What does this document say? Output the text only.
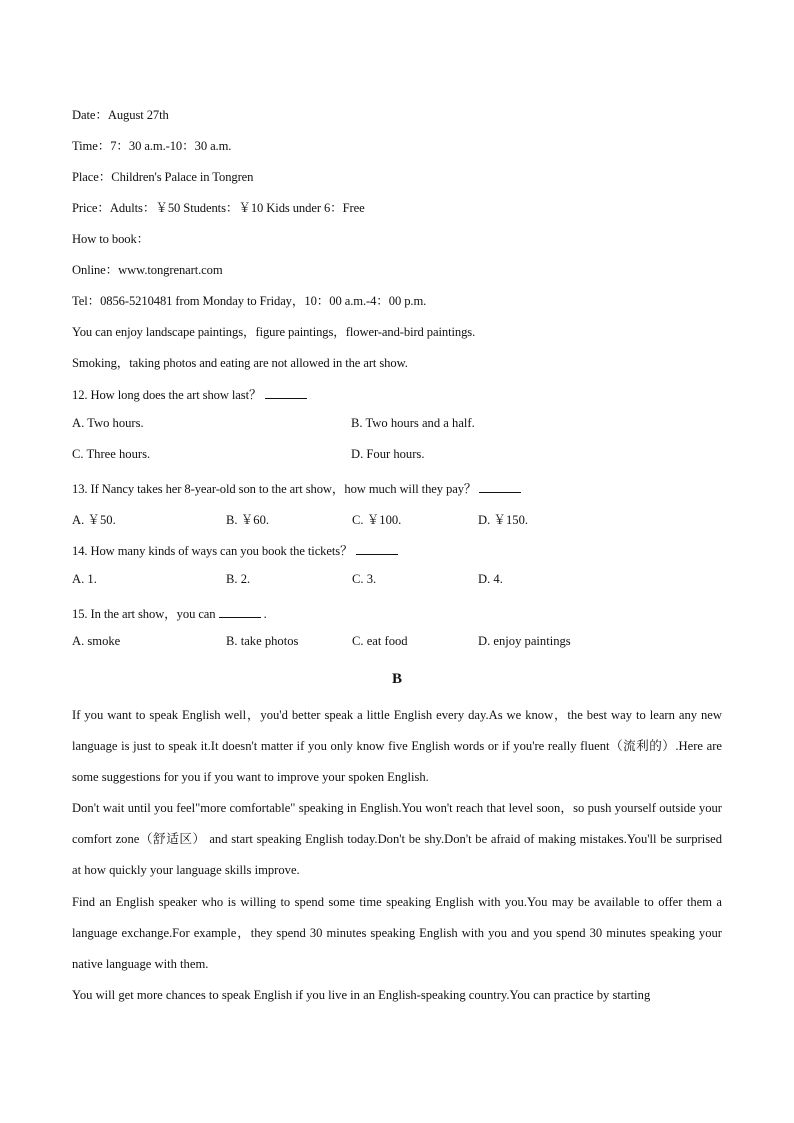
Date：August 27th
Time：7：30 a.m.-10：30 a.m.
Place：Children's Palace in Tongren
Price：Adults：￥50 Students：￥10 Kids under 6：Free
How to book：
Online：www.tongrenart.com
Tel：0856-5210481 from Monday to Friday，10：00 a.m.-4：00 p.m.
You can enjoy landscape paintings，figure paintings，flower-and-bird paintings.
Smoking，taking photos and eating are not allowed in the art show.
12. How long does the art show last？
A. Two hours.	B. Two hours and a half.
C. Three hours.	D. Four hours.
13. If Nancy takes her 8-year-old son to the art show，how much will they pay？
A. ￥50.	B. ￥60.	C. ￥100.	D. ￥150.
14. How many kinds of ways can you book the tickets？
A. 1.	B. 2.	C. 3.	D. 4.
15. In the art show，you can	.
A. smoke	B. take photos	C. eat food	D. enjoy paintings
B
If you want to speak English well，you'd better speak a little English every day.As we know，the best way to learn any new language is just to speak it.It doesn't matter if you only know five English words or if you're really fluent（流利的）.Here are some suggestions for you if you want to improve your spoken English.
Don't wait until you feel"more comfortable" speaking in English.You won't reach that level soon，so push yourself outside your comfort zone（舒适区） and start speaking English today.Don't be shy.Don't be afraid of making mistakes.You'll be surprised at how quickly your language skills improve.
Find an English speaker who is willing to spend some time speaking English with you.You may be available to offer them a language exchange.For example，they spend 30 minutes speaking English with you and you spend 30 minutes speaking your native language with them.
You will get more chances to speak English if you live in an English-speaking country.You can practice by starting
